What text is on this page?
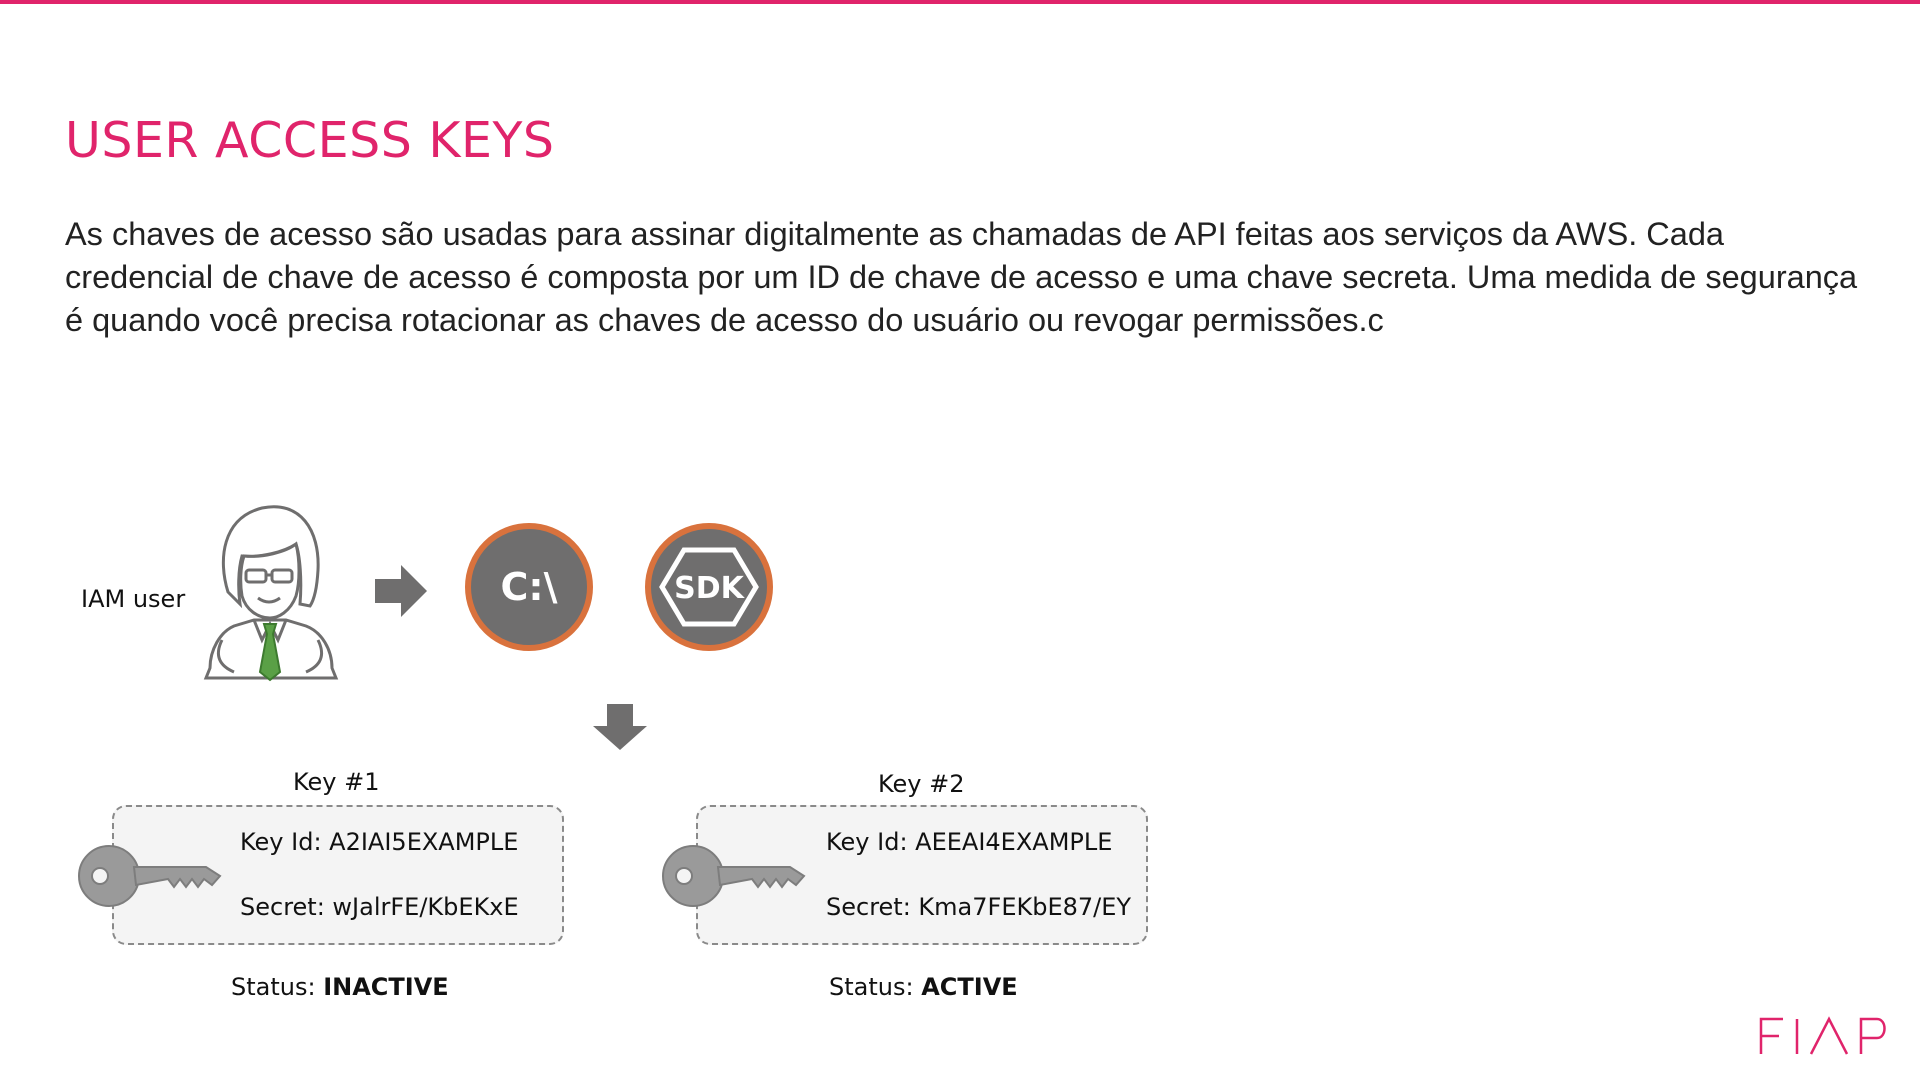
USER ACCESS KEYS

As chaves de acesso são usadas para assinar digitalmente as chamadas de API feitas aos serviços da AWS. Cada credencial de chave de acesso é composta por um ID de chave de acesso e uma chave secreta. Uma medida de segurança é quando você precisa rotacionar as chaves de acesso do usuário ou revogar permissões.c

IAM user	C:\	SDK
Key #1
Key Id: A2IAI5EXAMPLE
Secret: wJalrFE/KbEKxE
Status: INACTIVE
Key #2
Key Id: AEEAI4EXAMPLE
Secret: Kma7FEKbE87/EY
Status: ACTIVE
